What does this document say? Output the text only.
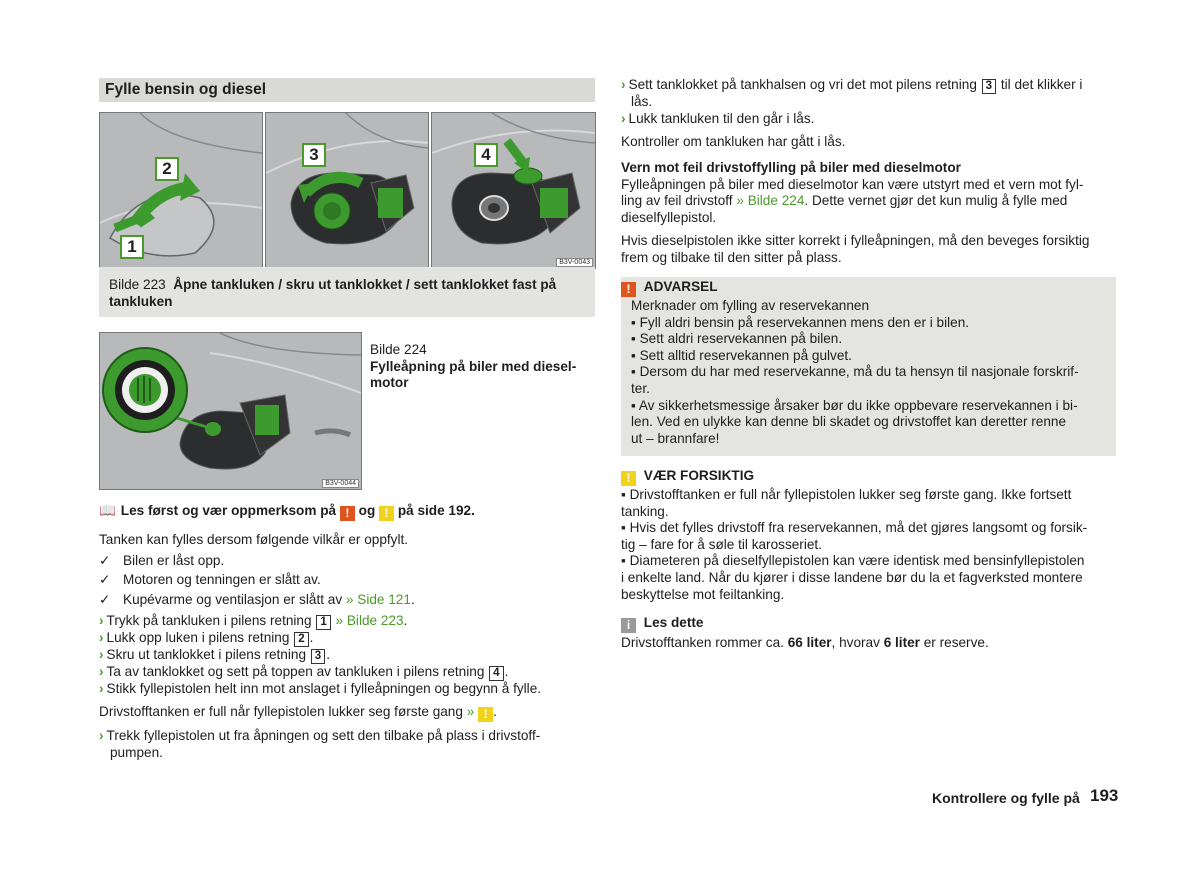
Fylle bensin og diesel
2
1
3	4
B3V-0043
Bilde 223 Åpne tankluken / skru ut tanklokket / sett tanklokket fast på tankluken
B3V-0044
Bilde 224
Fylleåpning på biler med diesel-motor
📖 Les først og vær oppmerksom på ! og ! på side 192.
Tanken kan fylles dersom følgende vilkår er oppfylt.
✓ Bilen er låst opp.
✓ Motoren og tenningen er slått av.
✓ Kupévarme og ventilasjon er slått av » Side 121.
› Trykk på tankluken i pilens retning 1 » Bilde 223.
› Lukk opp luken i pilens retning 2 .
› Skru ut tanklokket i pilens retning 3 .
› Ta av tanklokket og sett på toppen av tankluken i pilens retning 4 .
› Stikk fyllepistolen helt inn mot anslaget i fylleåpningen og begynn å fylle.
Drivstofftanken er full når fyllepistolen lukker seg første gang » ! .
› Trekk fyllepistolen ut fra åpningen og sett den tilbake på plass i drivstoff-
pumpen.
› Sett tanklokket på tankhalsen og vri det mot pilens retning 3 til det klikker i
lås.
› Lukk tankluken til den går i lås.
Kontroller om tankluken har gått i lås.
Vern mot feil drivstoffylling på biler med dieselmotor
Fylleåpningen på biler med dieselmotor kan være utstyrt med et vern mot fyl-
ling av feil drivstoff » Bilde 224. Dette vernet gjør det kun mulig å fylle med
dieselfyllepistol.
Hvis dieselpistolen ikke sitter korrekt i fylleåpningen, må den beveges forsiktig
frem og tilbake til den sitter på plass.
! ADVARSEL
Merknader om fylling av reservekannen
▪ Fyll aldri bensin på reservekannen mens den er i bilen.
▪ Sett aldri reservekannen på bilen.
▪ Sett alltid reservekannen på gulvet.
▪ Dersom du har med reservekanne, må du ta hensyn til nasjonale forskrif-
ter.
▪ Av sikkerhetsmessige årsaker bør du ikke oppbevare reservekannen i bi-
len. Ved en ulykke kan denne bli skadet og drivstoffet kan deretter renne
ut – brannfare!
! VÆR FORSIKTIG
▪ Drivstofftanken er full når fyllepistolen lukker seg første gang. Ikke fortsett
tanking.
▪ Hvis det fylles drivstoff fra reservekannen, må det gjøres langsomt og forsik-
tig – fare for å søle til karosseriet.
▪ Diameteren på dieselfyllepistolen kan være identisk med bensinfyllepistolen
i enkelte land. Når du kjører i disse landene bør du la et fagverksted montere
beskyttelse mot feiltanking.
i Les dette
Drivstofftanken rommer ca. 66 liter, hvorav 6 liter er reserve.
Kontrollere og fylle på 193
